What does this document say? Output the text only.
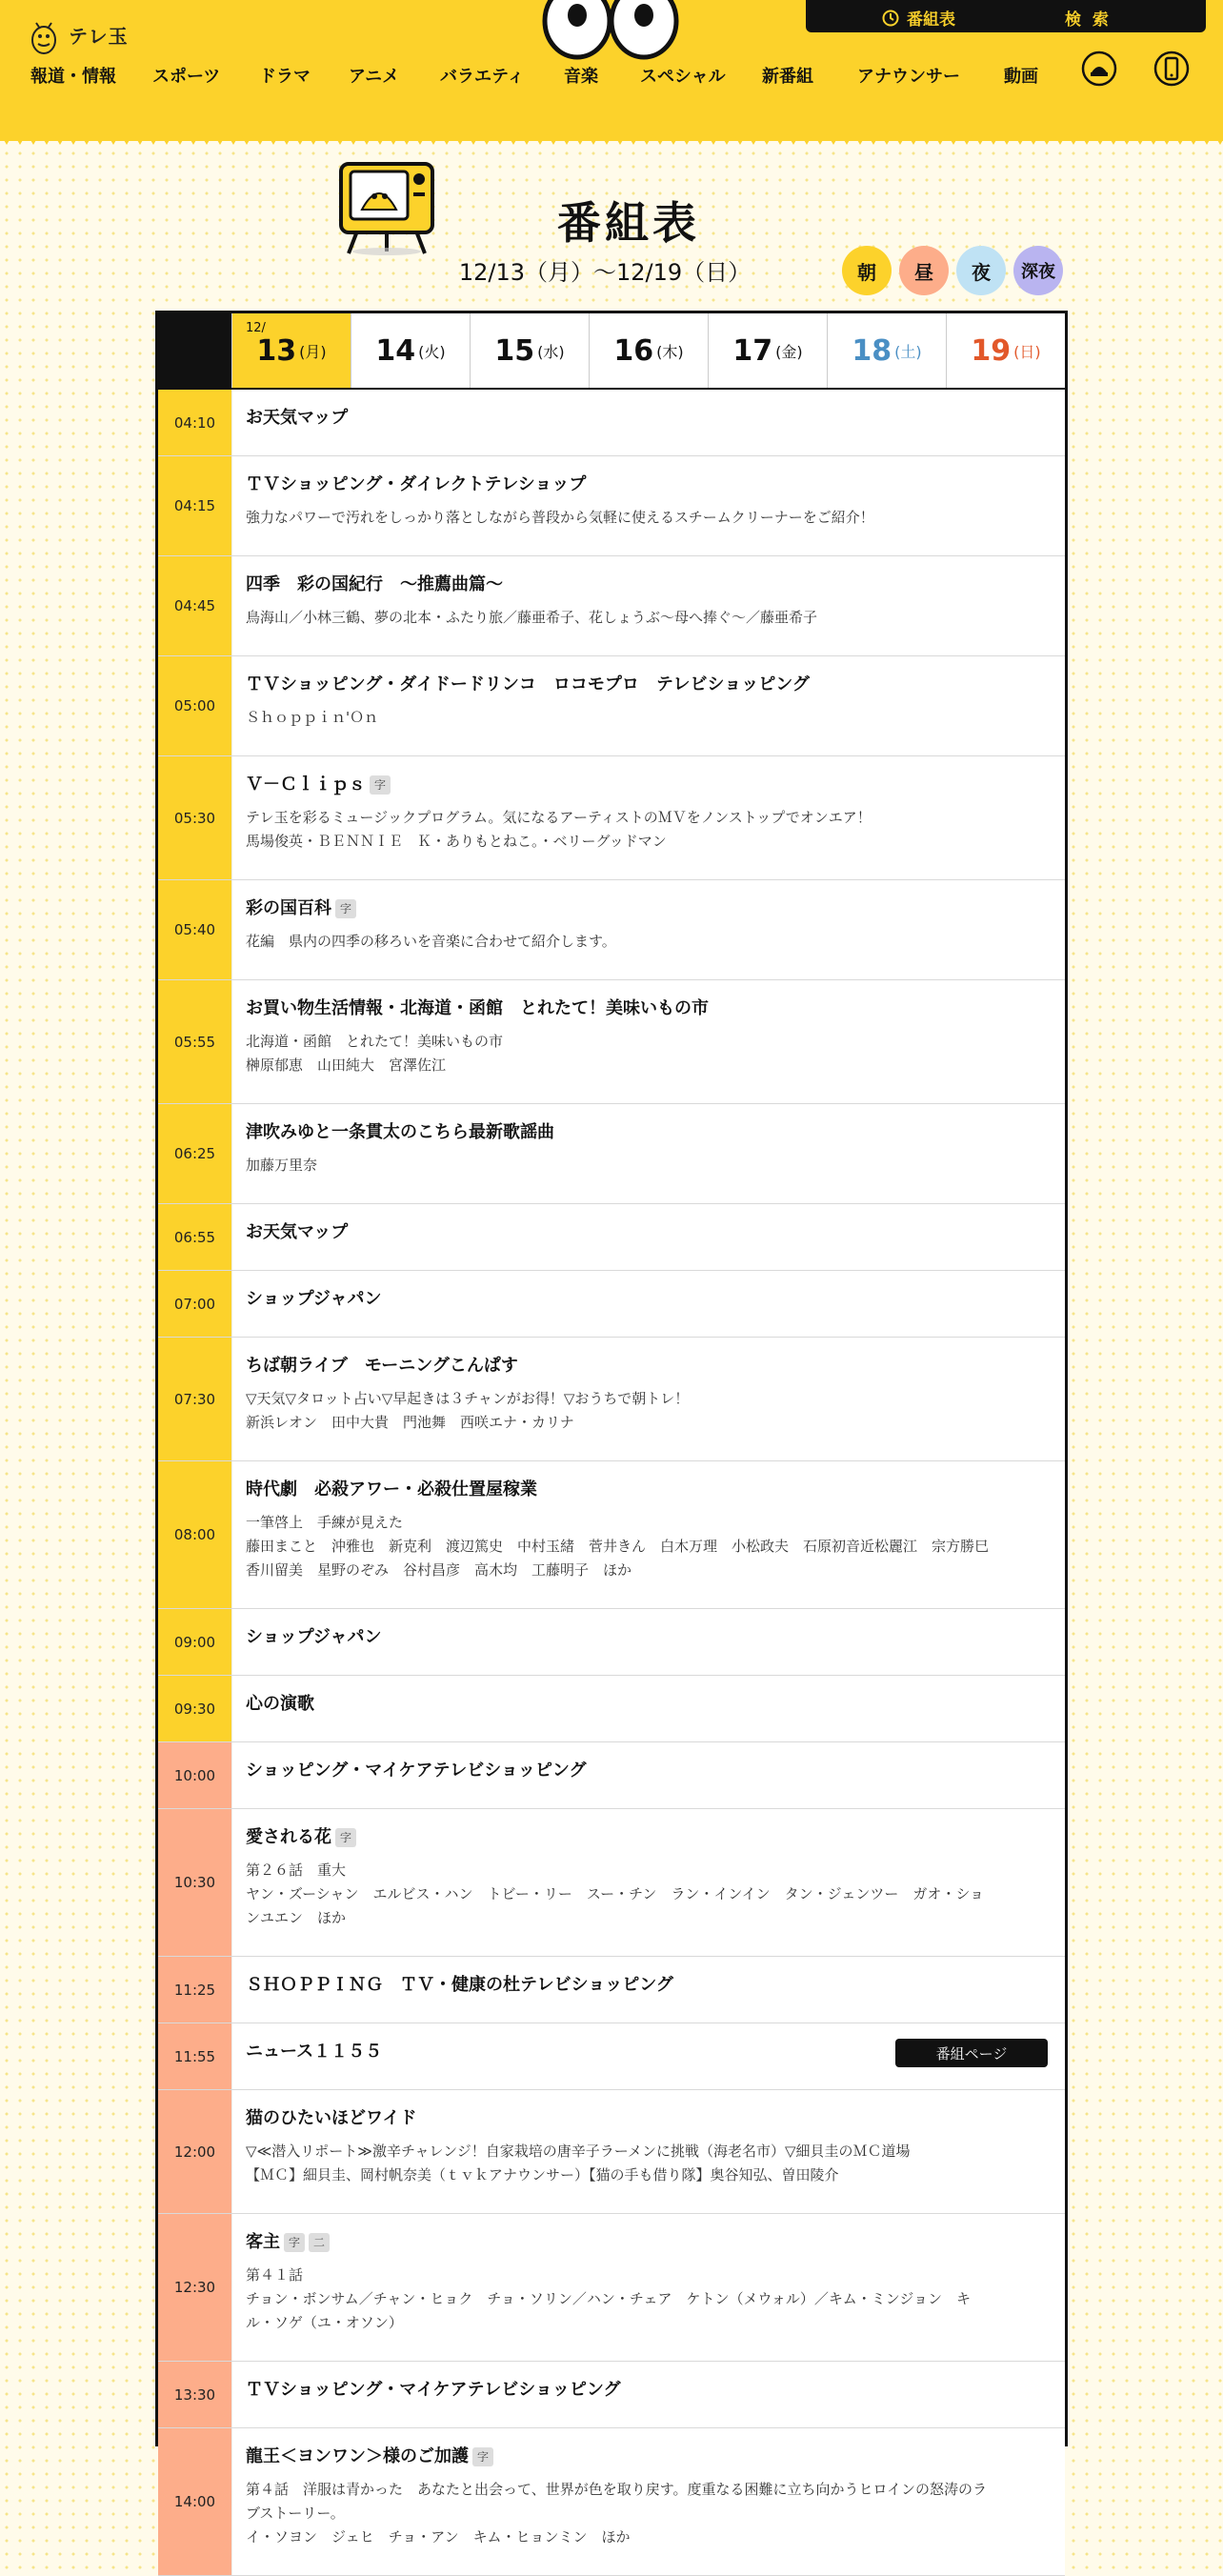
テレ玉
番組表	検 索
報道・情報 スポーツ ドラマ アニメ バラエティ 音楽 スペシャル 新番組	アナウンサー	動画
番組表
12/13（月）〜12/19（日）	朝 昼 夜 深夜
12/
13 (月) 14 (火) 15 (水) 16 (木) 17 (金) 18 (土) 19 (日)
04:10	お天気マップ
04:15
ＴＶショッピング・ダイレクトテレショップ
強力なパワーで汚れをしっかり落としながら普段から気軽に使えるスチームクリーナーをご紹介！
04:45
四季　彩の国紀行　～推薦曲篇～
鳥海山／小林三鶴、夢の北本・ふたり旅／藤亜希子、花しょうぶ～母へ捧ぐ～／藤亜希子
05:00
ＴＶショッピング・ダイドードリンコ　ロコモプロ　テレビショッピング
Ｓｈｏｐｐｉｎ'Ｏｎ
05:30
Ｖ－Ｃｌｉｐｓ 字
テレ玉を彩るミュージックプログラム。気になるアーティストのＭＶをノンストップでオンエア！
馬場俊英・ＢＥＮＮＩＥ　Ｋ・ありもとねこ。・ベリーグッドマン
05:40
彩の国百科 字
花編　県内の四季の移ろいを音楽に合わせて紹介します。
05:55
お買い物生活情報・北海道・函館　とれたて！美味いもの市
北海道・函館　とれたて！美味いもの市
榊原郁恵　山田純大　宮澤佐江
06:25
津吹みゆと一条貫太のこちら最新歌謡曲
加藤万里奈
06:55	お天気マップ
07:00	ショップジャパン
07:30
ちば朝ライブ　モーニングこんぱす
▽天気▽タロット占い▽早起きは３チャンがお得！▽おうちで朝トレ！
新浜レオン　田中大貴　門池舞　西咲エナ・カリナ
08:00
時代劇　必殺アワー・必殺仕置屋稼業
一筆啓上　手練が見えた
藤田まこと　沖雅也　新克利　渡辺篤史　中村玉緒　菅井きん　白木万理　小松政夫　石原初音近松麗江　宗方勝巳
香川留美　星野のぞみ　谷村昌彦　高木均　工藤明子　ほか
09:00	ショップジャパン
09:30	心の演歌
10:00	ショッピング・マイケアテレビショッピング
10:30
愛される花 字
第２６話　重大
ヤン・ズーシャン　エルビス・ハン　トビー・リー　スー・チン　ラン・インイン　タン・ジェンツー　ガオ・ショ
ンユエン　ほか
11:25	ＳＨＯＰＰＩＮＧ　ＴＶ・健康の杜テレビショッピング
11:55	ニュース１１５５	番組ページ
12:00
猫のひたいほどワイド
▽≪潜入リポート≫激辛チャレンジ！自家栽培の唐辛子ラーメンに挑戦（海老名市）▽細貝圭のＭＣ道場
【ＭＣ】細貝圭、岡村帆奈美（ｔｖｋアナウンサー）【猫の手も借り隊】奥谷知弘、曽田陵介
12:30
客主 字	二
第４１話
チョン・ボンサム／チャン・ヒョク　チョ・ソリン／ハン・チェア　ケトン（メウォル）／キム・ミンジョン　キ
ル・ソゲ（ユ・オソン）
13:30	ＴＶショッピング・マイケアテレビショッピング
14:00
龍王＜ヨンワン＞様のご加護 字
第４話　洋服は青かった　あなたと出会って、世界が色を取り戻す。度重なる困難に立ち向かうヒロインの怒涛のラ
ブストーリー。
イ・ソヨン　ジェヒ　チョ・アン　キム・ヒョンミン　ほか
